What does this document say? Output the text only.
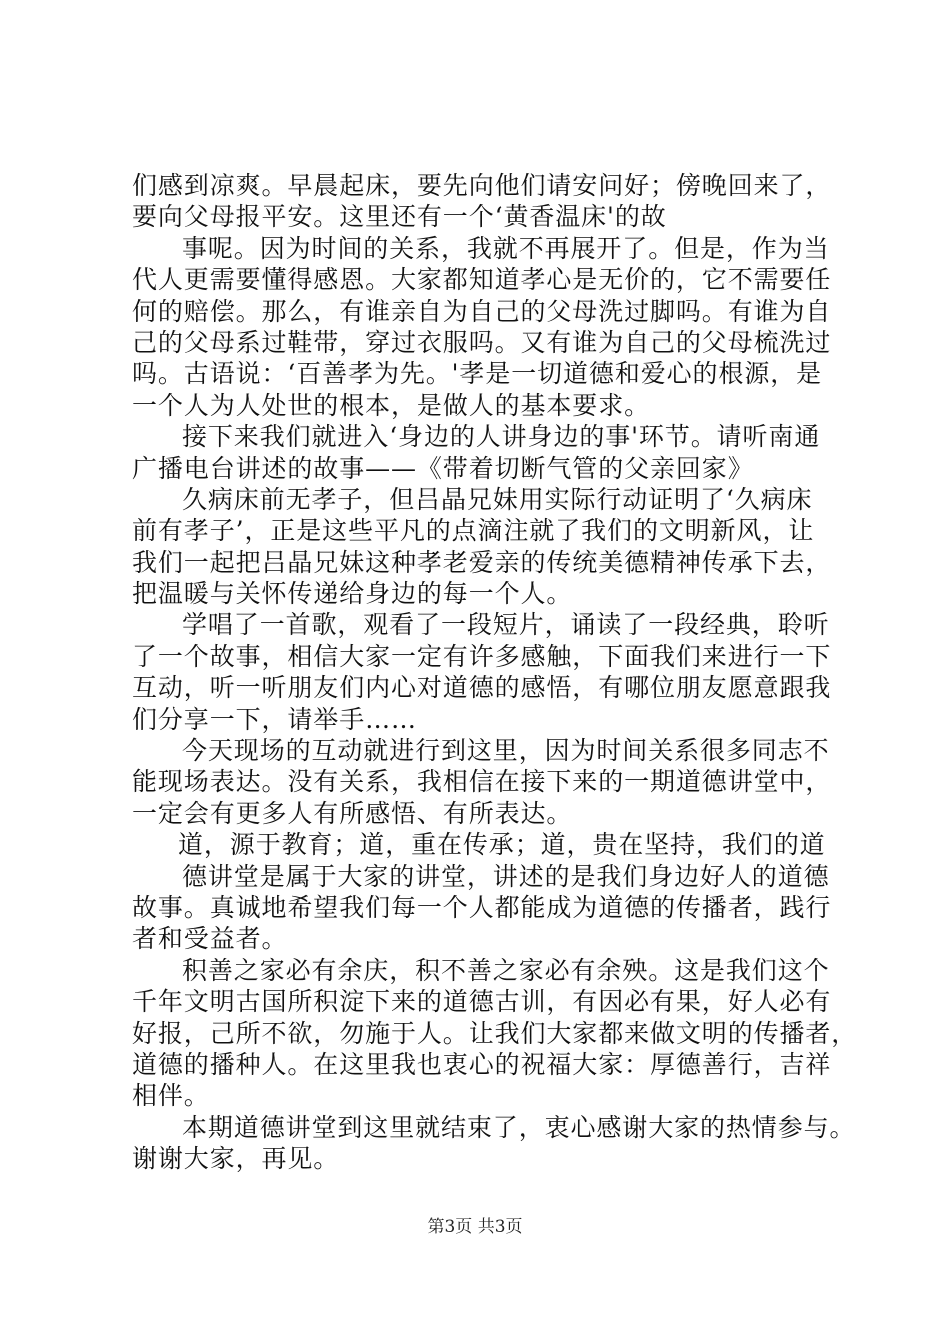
们感到凉爽。早晨起床，要先向他们请安问好；傍晚回来了，
要向父母报平安。这里还有一个‘黄香温床'的故
事呢。因为时间的关系，我就不再展开了。但是，作为当
代人更需要懂得感恩。大家都知道孝心是无价的，它不需要任
何的赔偿。那么，有谁亲自为自己的父母洗过脚吗。有谁为自
己的父母系过鞋带，穿过衣服吗。又有谁为自己的父母梳洗过
吗。古语说：‘百善孝为先。'孝是一切道德和爱心的根源，是
一个人为人处世的根本，是做人的基本要求。
接下来我们就进入‘身边的人讲身边的事'环节。请听南通
广播电台讲述的故事——《带着切断气管的父亲回家》
久病床前无孝子，但吕晶兄妹用实际行动证明了‘久病床
前有孝子’，正是这些平凡的点滴注就了我们的文明新风，让
我们一起把吕晶兄妹这种孝老爱亲的传统美德精神传承下去，
把温暖与关怀传递给身边的每一个人。
学唱了一首歌，观看了一段短片，诵读了一段经典，聆听
了一个故事，相信大家一定有许多感触，下面我们来进行一下
互动，听一听朋友们内心对道德的感悟，有哪位朋友愿意跟我
们分享一下，请举手……
今天现场的互动就进行到这里，因为时间关系很多同志不
能现场表达。没有关系，我相信在接下来的一期道德讲堂中，
一定会有更多人有所感悟、有所表达。
道，源于教育；道，重在传承；道，贵在坚持，我们的道
德讲堂是属于大家的讲堂，讲述的是我们身边好人的道德
故事。真诚地希望我们每一个人都能成为道德的传播者，践行
者和受益者。
积善之家必有余庆，积不善之家必有余殃。这是我们这个
千年文明古国所积淀下来的道德古训，有因必有果，好人必有
好报，己所不欲，勿施于人。让我们大家都来做文明的传播者，
道德的播种人。在这里我也衷心的祝福大家：厚德善行，吉祥
相伴。
本期道德讲堂到这里就结束了，衷心感谢大家的热情参与。
谢谢大家，再见。
第3页 共3页
